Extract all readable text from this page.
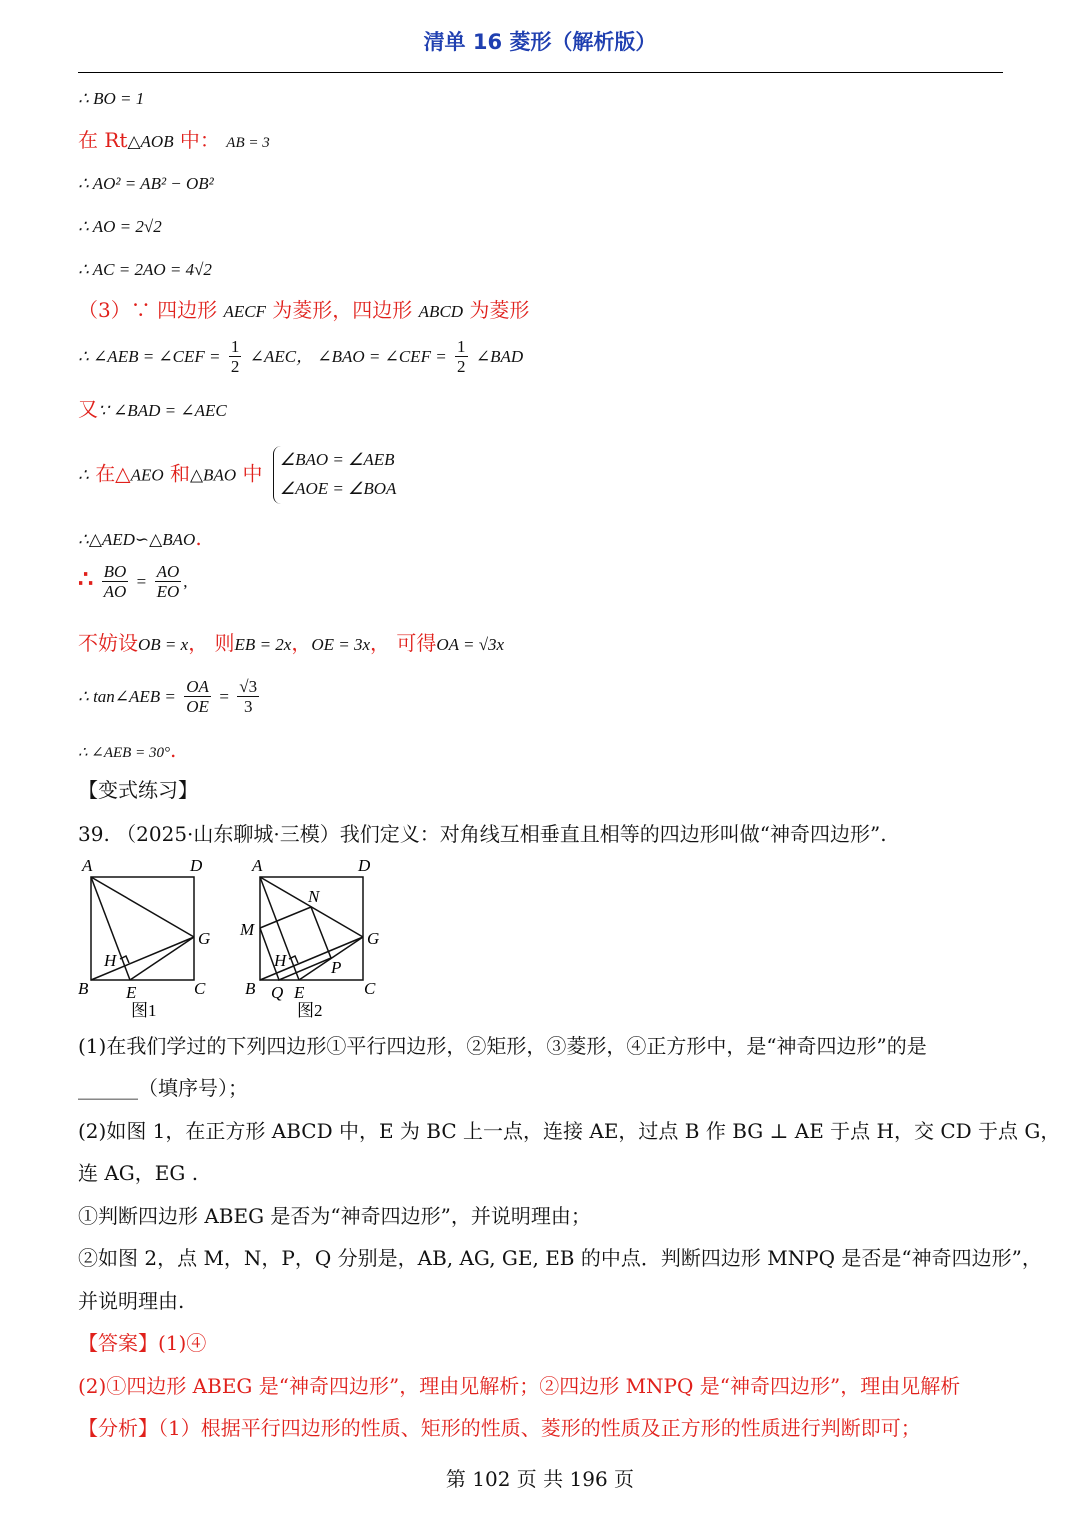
清单 16 菱形（解析版）
∴ BO = 1
在 Rt△AOB 中： AB = 3
∴ AO² = AB² − OB²
∴ AO = 2√2
∴ AC = 2AO = 4√2
（3）∵ 四边形 AECF 为菱形，四边形 ABCD 为菱形
∴ ∠AEB = ∠CEF = $\frac{1}{2}$ ∠AEC， ∠BAO = ∠CEF = $\frac{1}{2}$ ∠BAD
又∵ ∠BAD = ∠AEC
∴ 在△AEO 和△BAO 中
∠BAO = ∠AEB
∠AOE = ∠BOA
∴△AED∽△BAO.
∴ $\frac{BO}{AO} = \frac{AO}{EO}$ ,
不妨设OB = x， 则EB = 2x，OE = 3x， 可得OA = √3x
∴ tan∠AEB = $\frac{OA}{OE} = \frac{√3}{3}$
∴ ∠AEB = 30°.
【变式练习】
39. （2025·山东聊城·三模）我们定义：对角线互相垂直且相等的四边形叫做“神奇四边形”.
A	D
G
H
B E	C
图1
A	D
N
M	G
H	P
B Q E	C
图2
(1)在我们学过的下列四边形①平行四边形，②矩形，③菱形，④正方形中，是“神奇四边形”的是
______（填序号）；
(2)如图 1，在正方形 ABCD 中，E 为 BC 上一点，连接 AE，过点 B 作 BG ⊥ AE 于点 H，交 CD 于点 G，
连 AG，EG .
①判断四边形 ABEG 是否为“神奇四边形”，并说明理由；
②如图 2，点 M，N，P，Q 分别是，AB, AG, GE, EB 的中点．判断四边形 MNPQ 是否是“神奇四边形”，
并说明理由.
【答案】(1)④
(2)①四边形 ABEG 是“神奇四边形”，理由见解析；②四边形 MNPQ 是“神奇四边形”，理由见解析
【分析】（1）根据平行四边形的性质、矩形的性质、菱形的性质及正方形的性质进行判断即可；
第 102 页 共 196 页
